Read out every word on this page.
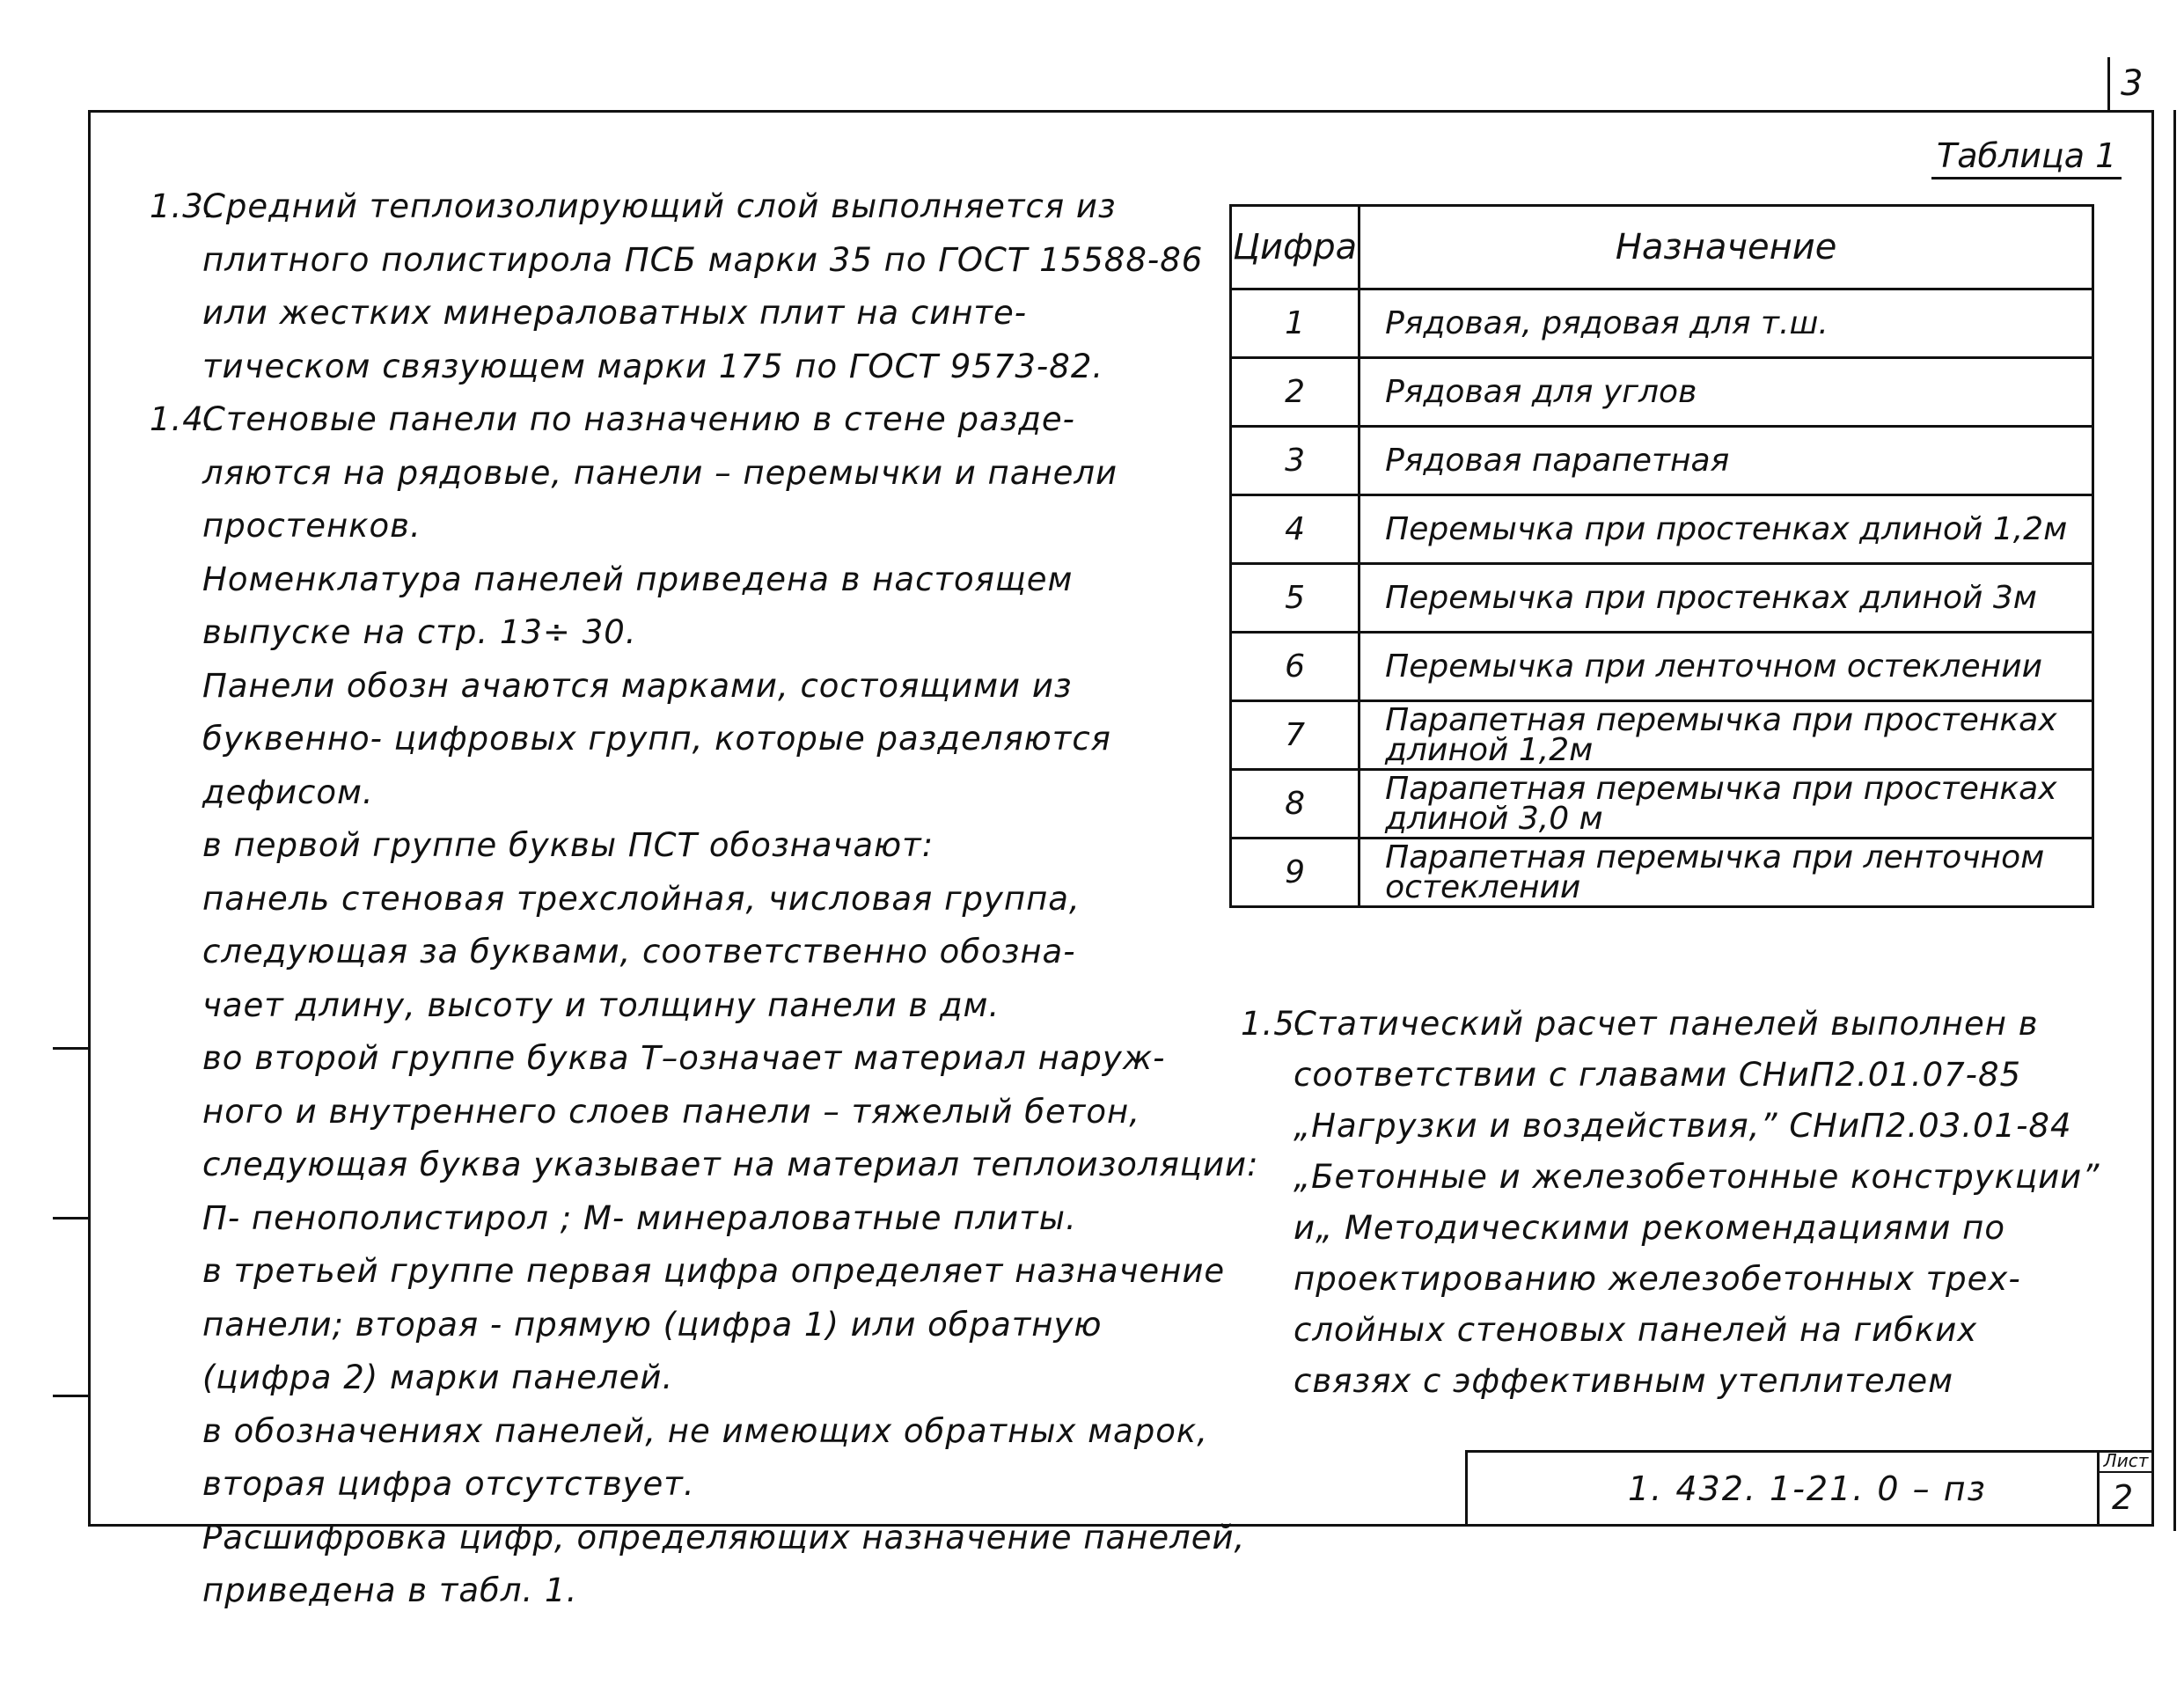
3
1.3.Средний теплоизолирующий слой выполняется из
плитного полистирола ПСБ марки 35 по ГОСТ 15588-86
или жестких минераловатных плит на синте-
тическом связующем марки 175 по ГОСТ 9573-82.
1.4.Стеновые панели по назначению в стене разде-
ляются на рядовые, панели – перемычки и панели
простенков.
Номенклатура панелей приведена в настоящем
выпуске на стр. 13÷ 30.
Панели обозн ачаются марками, состоящими из
буквенно- цифровых групп, которые разделяются
дефисом.
в первой группе буквы ПСТ обозначают:
панель стеновая трехслойная, числовая группа,
следующая за буквами, соответственно обозна-
чает длину, высоту и толщину панели в дм.
во второй группе буква Т–означает материал наруж-
ного и внутреннего слоев панели – тяжелый бетон,
следующая буква указывает на материал теплоизоляции:
П- пенополистирол ; М- минераловатные плиты.
в третьей группе первая цифра определяет назначение
панели; вторая - прямую (цифра 1) или обратную
(цифра 2) марки панелей.
в обозначениях панелей, не имеющих обратных марок,
вторая цифра отсутствует.
Расшифровка цифр, определяющих назначение панелей,
приведена в табл. 1.
Таблица 1
Цифра	Назначение
1	Рядовая, рядовая для т.ш.
2	Рядовая для углов
3	Рядовая парапетная
4	Перемычка при простенках длиной 1,2м
5	Перемычка при простенках длиной 3м
6	Перемычка при ленточном остеклении
7	Парапетная перемычка при простенках длиной 1,2м
8	Парапетная перемычка при простенках длиной 3,0 м
9	Парапетная перемычка при ленточном остеклении
1.5.Статический расчет панелей выполнен в
соответствии с главами СНиП2.01.07-85
„Нагрузки и воздействия,” СНиП2.03.01-84
„Бетонные и железобетонные конструкции”
и„ Методическими рекомендациями по
проектированию железобетонных трех-
слойных стеновых панелей на гибких
связях с эффективным утеплителем
1. 432. 1-21. 0 – пз
Лист
2
